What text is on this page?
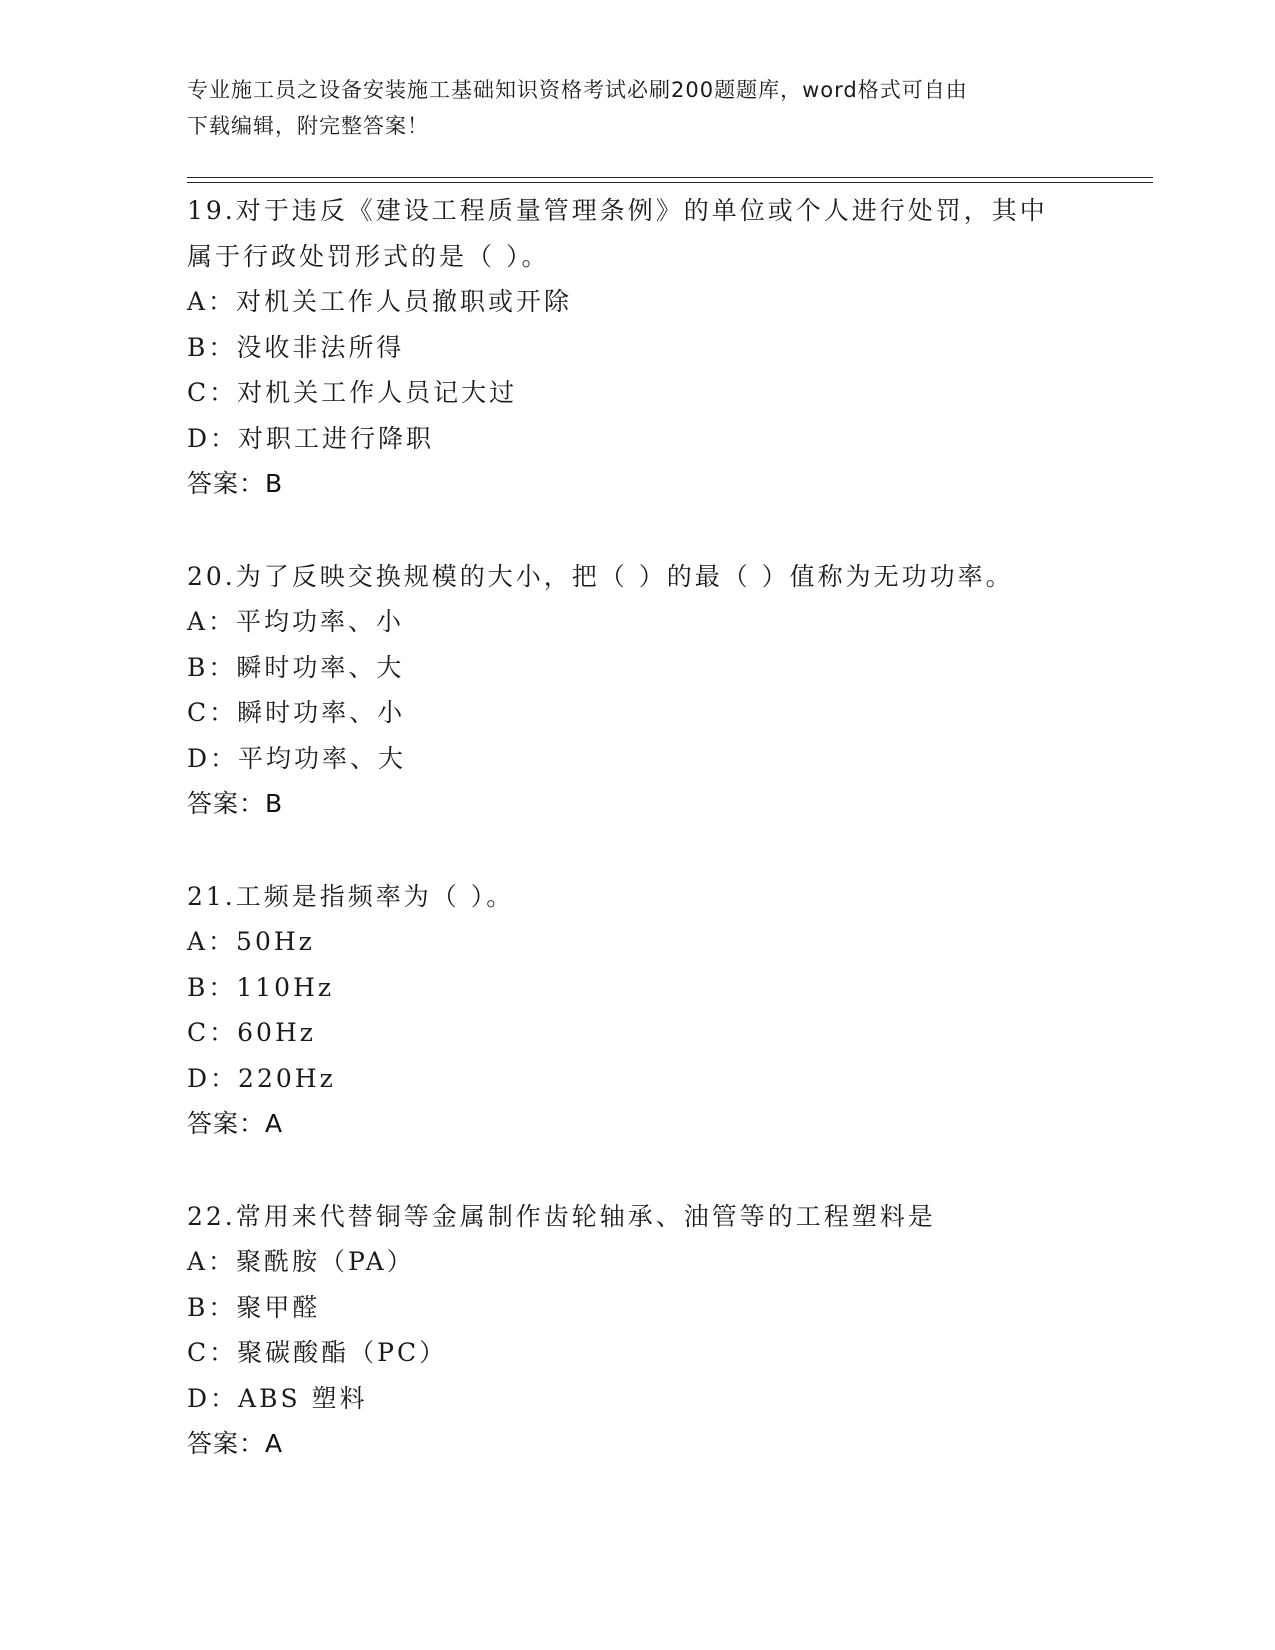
专业施工员之设备安装施工基础知识资格考试必刷200题题库，word格式可自由
下载编辑，附完整答案！
19.对于违反《建设工程质量管理条例》的单位或个人进行处罚，其中
属于行政处罚形式的是（ ）。
A：对机关工作人员撤职或开除
B：没收非法所得
C：对机关工作人员记大过
D：对职工进行降职
答案：B
20.为了反映交换规模的大小，把（ ）的最（ ）值称为无功功率。
A：平均功率、小
B：瞬时功率、大
C：瞬时功率、小
D：平均功率、大
答案：B
21.工频是指频率为（ ）。
A：50Hz
B：110Hz
C：60Hz
D：220Hz
答案：A
22.常用来代替铜等金属制作齿轮轴承、油管等的工程塑料是
A：聚酰胺（PA）
B：聚甲醛
C：聚碳酸酯（PC）
D：ABS 塑料
答案：A
